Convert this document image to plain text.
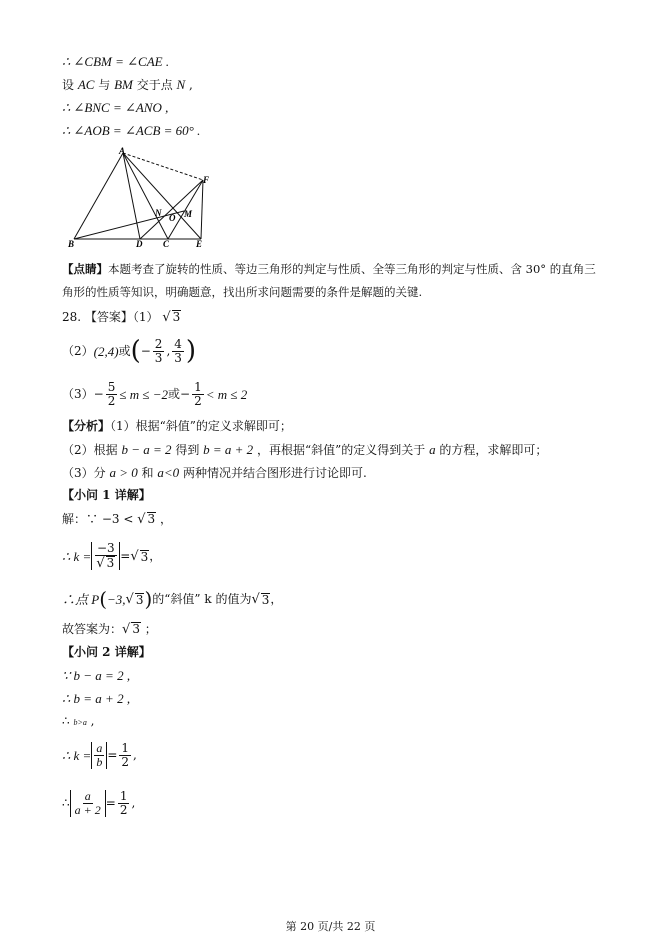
∴ ∠CBM = ∠CAE .
设 AC 与 BM 交于点 N ,
∴ ∠BNC = ∠ANO ,
∴ ∠AOB = ∠ACB = 60° .
A
B	D C	E
F
N O M
【点睛】本题考查了旋转的性质、等边三角形的判定与性质、全等三角形的判定与性质、含 30° 的直角三
角形的性质等知识，明确题意，找出所求问题需要的条件是解题的关键.
28. 【答案】（1） √ 3
（2） (2,4) 或 ( − $\frac{2}{3}$ , $\frac{4}{3}$ )
$(3) - \frac{5}{2} \le m \le -2$ 或 − $\frac{1}{2} < m \le 2$
【分析】（1）根据“斜值”的定义求解即可；
（2）根据 b − a = 2 得到 b = a + 2 ，再根据“斜值”的定义得到关于 a 的方程，求解即可；
（3）分 a > 0 和 a<0 两种情况并结合图形进行讨论即可.
【小问 1 详解】
解：∵ −3 < √ 3 ，
∴ $k = \frac{-3}{√ 3}$ = √ 3 ，
∴点 P ( −3, √ 3 ) 的“斜值” k 的值为 √ 3 ，
故答案为：√ 3 ；
【小问 2 详解】
∵ b − a = 2 ,
∴ b = a + 2 ,
∴ b>a ,
∴ $k = \frac{a}{b} = \frac{1}{2}$ ,
∴ $\frac{a}{a + 2} = \frac{1}{2}$ ,
第 20 页/共 22 页
